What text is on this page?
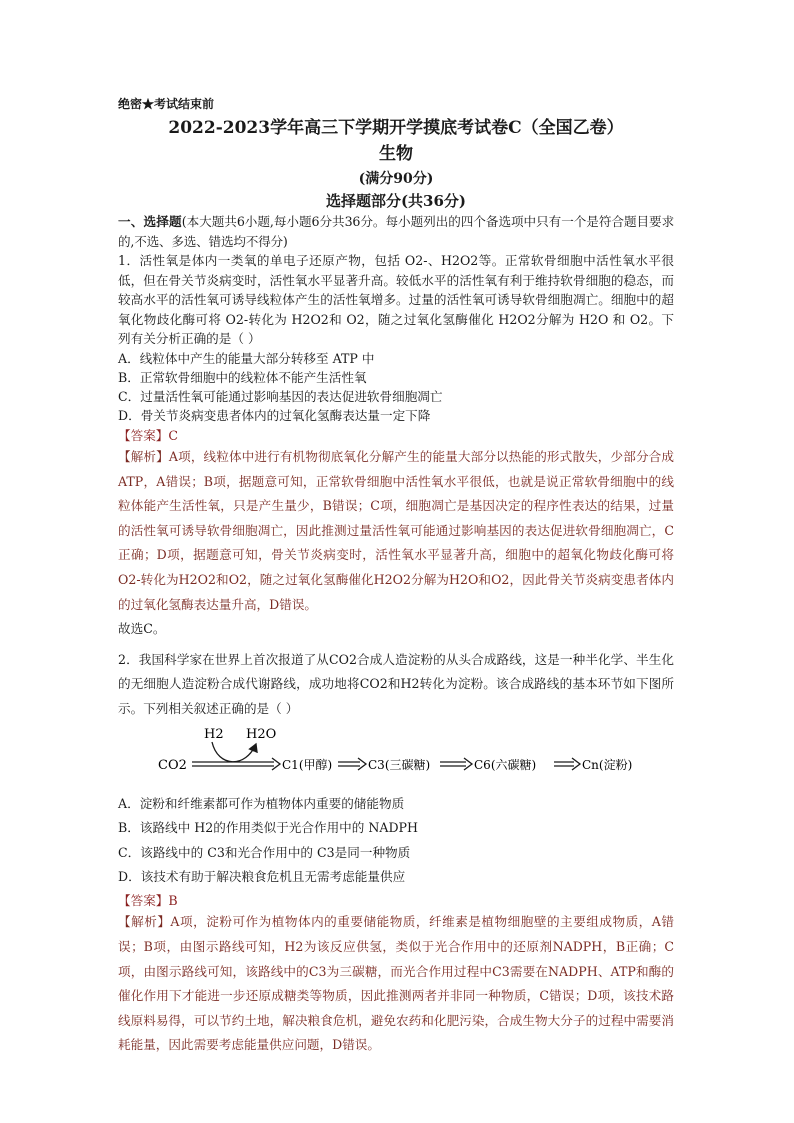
绝密★考试结束前
2022-2023学年高三下学期开学摸底考试卷C（全国乙卷）
生物
(满分90分)
选择题部分(共36分)

一、选择题(本大题共6小题,每小题6分共36分。每小题列出的四个备选项中只有一个是符合题目要求的,不选、多选、错选均不得分)

1．活性氧是体内一类氧的单电子还原产物，包括 O2-、H2O2等。正常软骨细胞中活性氧水平很低，但在骨关节炎病变时，活性氧水平显著升高。较低水平的活性氧有利于维持软骨细胞的稳态，而较高水平的活性氧可诱导线粒体产生的活性氧增多。过量的活性氧可诱导软骨细胞凋亡。细胞中的超氧化物歧化酶可将 O2-转化为 H2O2和 O2，随之过氧化氢酶催化 H2O2分解为 H2O 和 O2。下列有关分析正确的是（ ）

A．线粒体中产生的能量大部分转移至 ATP 中

B．正常软骨细胞中的线粒体不能产生活性氧

C．过量活性氧可能通过影响基因的表达促进软骨细胞凋亡

D．骨关节炎病变患者体内的过氧化氢酶表达量一定下降

【答案】C

【解析】A项，线粒体中进行有机物彻底氧化分解产生的能量大部分以热能的形式散失，少部分合成ATP，A错误；B项，据题意可知，正常软骨细胞中活性氧水平很低，也就是说正常软骨细胞中的线粒体能产生活性氧，只是产生量少，B错误；C项，细胞凋亡是基因决定的程序性表达的结果，过量的活性氧可诱导软骨细胞凋亡，因此推测过量活性氧可能通过影响基因的表达促进软骨细胞凋亡，C正确；D项，据题意可知，骨关节炎病变时，活性氧水平显著升高，细胞中的超氧化物歧化酶可将O2-转化为H2O2和O2，随之过氧化氢酶催化H2O2分解为H2O和O2，因此骨关节炎病变患者体内的过氧化氢酶表达量升高，D错误。

故选C。

2．我国科学家在世界上首次报道了从CO2合成人造淀粉的从头合成路线，这是一种半化学、半生化的无细胞人造淀粉合成代谢路线，成功地将CO2和H2转化为淀粉。该合成路线的基本环节如下图所示。下列相关叙述正确的是（ ）

H2 H2O
CO2	C1(甲醇)	C3(三碳糖)	C6(六碳糖)	Cn(淀粉)

A．淀粉和纤维素都可作为植物体内重要的储能物质

B．该路线中 H2的作用类似于光合作用中的 NADPH

C．该路线中的 C3和光合作用中的 C3是同一种物质

D．该技术有助于解决粮食危机且无需考虑能量供应

【答案】B

【解析】A项，淀粉可作为植物体内的重要储能物质，纤维素是植物细胞壁的主要组成物质，A错误；B项，由图示路线可知，H2为该反应供氢，类似于光合作用中的还原剂NADPH，B正确；C项，由图示路线可知，该路线中的C3为三碳糖，而光合作用过程中C3需要在NADPH、ATP和酶的催化作用下才能进一步还原成糖类等物质，因此推测两者并非同一种物质，C错误；D项，该技术路线原料易得，可以节约土地，解决粮食危机，避免农药和化肥污染，合成生物大分子的过程中需要消耗能量，因此需要考虑能量供应问题，D错误。
